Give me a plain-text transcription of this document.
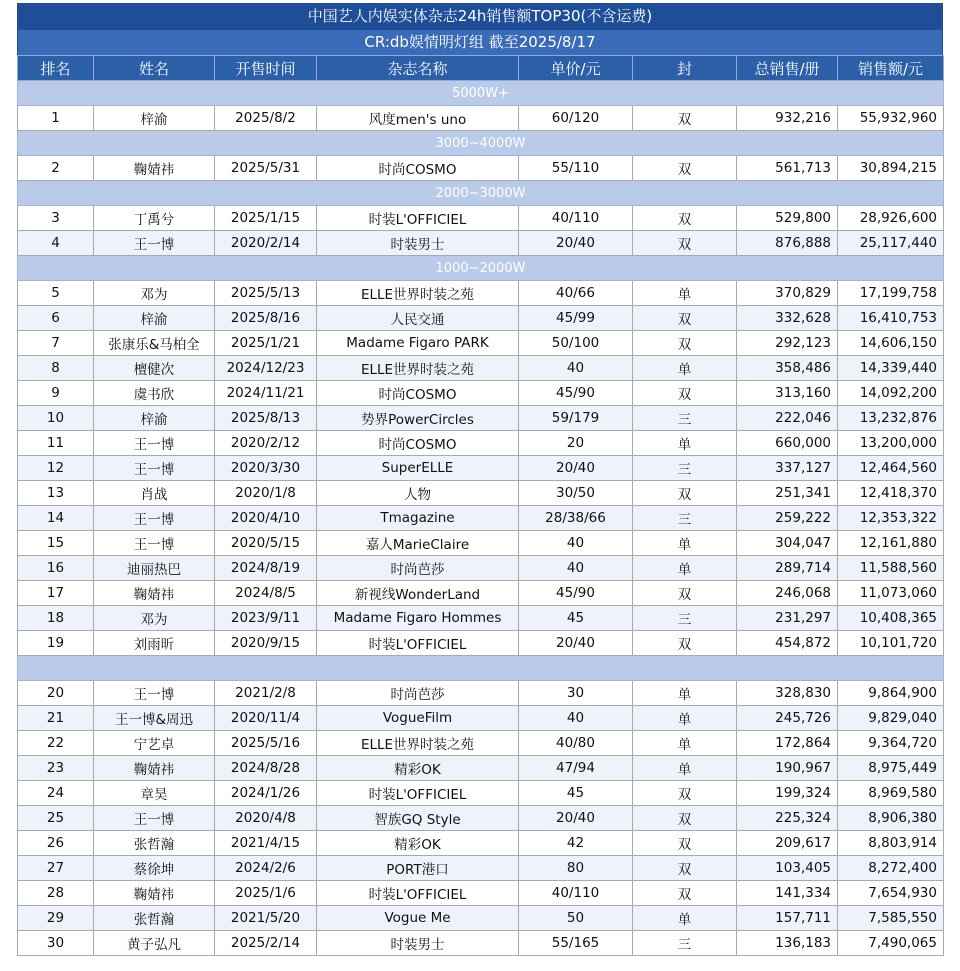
中国艺人内娱实体杂志24h销售额TOP30(不含运费)
CR:db娱情明灯组 截至2025/8/17
排名	姓名	开售时间	杂志名称	单价/元	封	总销售/册	销售额/元
5000W+							
1	梓渝	2025/8/2	风度men's uno	60/120	双	932,216	55,932,960
3000~4000W							
2	鞠婧祎	2025/5/31	时尚COSMO	55/110	双	561,713	30,894,215
2000~3000W							
3	丁禹兮	2025/1/15	时装L'OFFICIEL	40/110	双	529,800	28,926,600
4	王一博	2020/2/14	时装男士	20/40	双	876,888	25,117,440
1000~2000W							
5	邓为	2025/5/13	ELLE世界时装之苑	40/66	单	370,829	17,199,758
6	梓渝	2025/8/16	人民交通	45/99	双	332,628	16,410,753
7	张康乐&马柏全	2025/1/21	Madame Figaro PARK	50/100	双	292,123	14,606,150
8	檀健次	2024/12/23	ELLE世界时装之苑	40	单	358,486	14,339,440
9	虞书欣	2024/11/21	时尚COSMO	45/90	双	313,160	14,092,200
10	梓渝	2025/8/13	势界PowerCircles	59/179	三	222,046	13,232,876
11	王一博	2020/2/12	时尚COSMO	20	单	660,000	13,200,000
12	王一博	2020/3/30	SuperELLE	20/40	三	337,127	12,464,560
13	肖战	2020/1/8	人物	30/50	双	251,341	12,418,370
14	王一博	2020/4/10	Tmagazine	28/38/66	三	259,222	12,353,322
15	王一博	2020/5/15	嘉人MarieClaire	40	单	304,047	12,161,880
16	迪丽热巴	2024/8/19	时尚芭莎	40	单	289,714	11,588,560
17	鞠婧祎	2024/8/5	新视线WonderLand	45/90	双	246,068	11,073,060
18	邓为	2023/9/11	Madame Figaro Hommes	45	三	231,297	10,408,365
19	刘雨昕	2020/9/15	时装L'OFFICIEL	20/40	双	454,872	10,101,720

20	王一博	2021/2/8	时尚芭莎	30	单	328,830	9,864,900
21	王一博&周迅	2020/11/4	VogueFilm	40	单	245,726	9,829,040
22	宁艺卓	2025/5/16	ELLE世界时装之苑	40/80	单	172,864	9,364,720
23	鞠婧祎	2024/8/28	精彩OK	47/94	单	190,967	8,975,449
24	章昊	2024/1/26	时装L'OFFICIEL	45	双	199,324	8,969,580
25	王一博	2020/4/8	智族GQ Style	20/40	双	225,324	8,906,380
26	张哲瀚	2021/4/15	精彩OK	42	双	209,617	8,803,914
27	蔡徐坤	2024/2/6	PORT港口	80	双	103,405	8,272,400
28	鞠婧祎	2025/1/6	时装L'OFFICIEL	40/110	双	141,334	7,654,930
29	张哲瀚	2021/5/20	Vogue Me	50	单	157,711	7,585,550
30	黄子弘凡	2025/2/14	时装男士	55/165	三	136,183	7,490,065
